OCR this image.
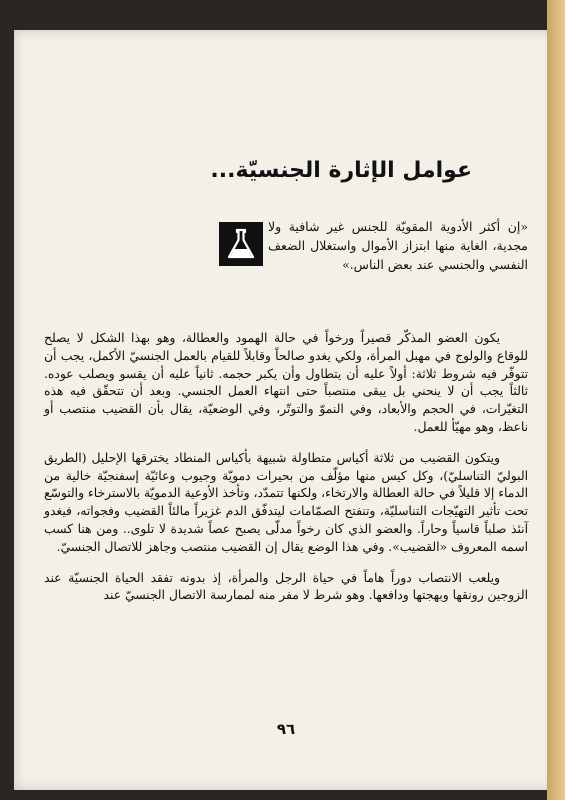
عوامل الإثارة الجنسيّة...

«إن أكثر الأدوية المقويّة للجنس غير شافية ولا مجدية، الغاية منها ابتزاز الأموال واستغلال الضعف النفسي والجنسي عند بعض الناس.»

يكون العضو المذكّر قصيراً ورخواً في حالة الهمود والعطالة، وهو بهذا الشكل لا يصلح للوقاع والولوج في مهبل المرأة، ولكي يغدو صالحاً وقابلاً للقيام بالعمل الجنسيّ الأكمل، يجب أن تتوفّر فيه شروط ثلاثة: أولاً عليه أن يتطاول وأن يكبر حجمه. ثانياً عليه أن يقسو ويصلب عوده. ثالثاً يجب أن لا ينحني بل يبقى منتصباً حتى انتهاء العمل الجنسي. وبعد أن تتحقّق فيه هذه التغيّرات، في الحجم والأبعاد، وفي النموّ والتوتّر، وفي الوضعيّة، يقال بأن القضيب منتصب أو ناعظ، وهو مهيّأ للعمل.

ويتكون القضيب من ثلاثة أكياس متطاولة شبيهة بأكياس المنطاد يخترقها الإحليل (الطريق البوليّ التناسليّ)، وكل كيس منها مؤلّف من بحيرات دمويّة وجيوب وعائيّة إسفنجيّة خالية من الدماء إلا قليلاً في حالة العطالة والارتخاء، ولكنها تتمدّد، وتأخذ الأوعية الدمويّة بالاسترخاء والتوسّع تحت تأثير التهيّجات التناسليّة، وتنفتح الصمّامات ليتدفّق الدم غزيراً مالئاً القضيب وفجواته، فيغدو آنئذ صلباً قاسياً وحاراً. والعضو الذي كان رخواً مدلّى يصبح عصاً شديدة لا تلوى.. ومن هنا كسب اسمه المعروف «القضيب». وفي هذا الوضع يقال إن القضيب منتصب وجاهز للاتصال الجنسيّ.

ويلعب الانتصاب دوراً هاماً في حياة الرجل والمرأة، إذ بدونه تفقد الحياة الجنسيّة عند الزوجين رونقها وبهجتها ودافعها. وهو شرط لا مفر منه لممارسة الاتصال الجنسيّ عند

٩٦
